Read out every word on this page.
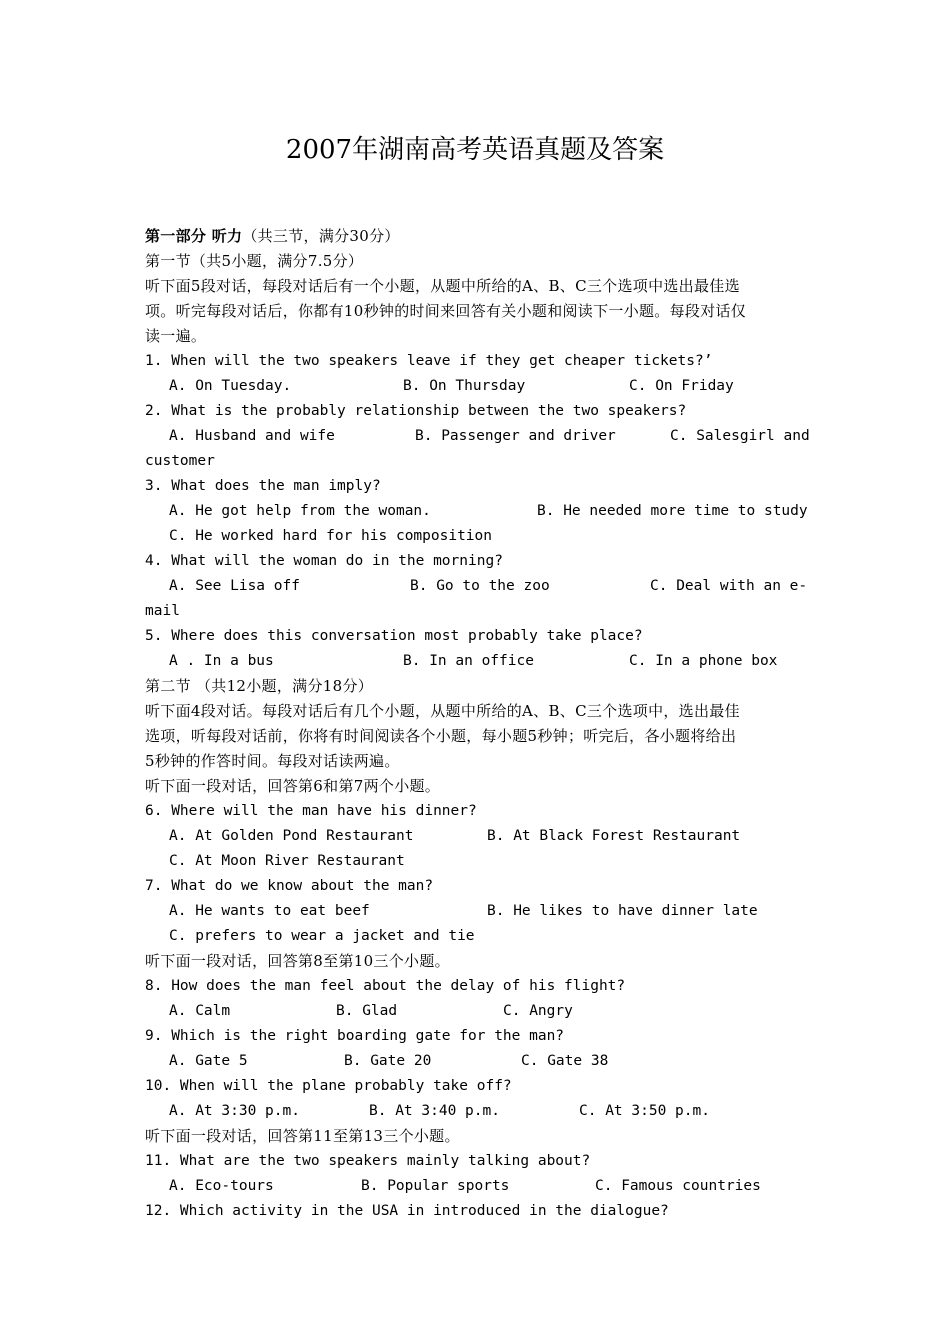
2007年湖南高考英语真题及答案
第一部分 听力（共三节，满分30分）
第一节（共5小题，满分7.5分）
听下面5段对话，每段对话后有一个小题，从题中所给的A、B、C三个选项中选出最佳选
项。听完每段对话后，你都有10秒钟的时间来回答有关小题和阅读下一小题。每段对话仅
读一遍。
1. When will the two speakers leave if they get cheaper tickets?’
A. On Tuesday.	B. On Thursday	C. On Friday
2. What is the probably relationship between the two speakers?
A. Husband and wife	B. Passenger and driver	C. Salesgirl and
customer
3. What does the man imply?
A. He got help from the woman.	B. He needed more time to study
C. He worked hard for his composition
4. What will the woman do in the morning?
A. See Lisa off	B. Go to the zoo	C. Deal with an e-
mail
5. Where does this conversation most probably take place?
A . In a bus	B. In an office	C. In a phone box
第二节 （共12小题，满分18分）
听下面4段对话。每段对话后有几个小题，从题中所给的A、B、C三个选项中，选出最佳
选项，听每段对话前，你将有时间阅读各个小题，每小题5秒钟；听完后，各小题将给出
5秒钟的作答时间。每段对话读两遍。
听下面一段对话，回答第6和第7两个小题。
6. Where will the man have his dinner?
A. At Golden Pond Restaurant	B. At Black Forest Restaurant
C. At Moon River Restaurant
7. What do we know about the man?
A. He wants to eat beef	B. He likes to have dinner late
C. prefers to wear a jacket and tie
听下面一段对话，回答第8至第10三个小题。
8. How does the man feel about the delay of his flight?
A. Calm	B. Glad	C. Angry
9. Which is the right boarding gate for the man?
A. Gate 5	B. Gate 20	C. Gate 38
10. When will the plane probably take off?
A. At 3:30 p.m.	B. At 3:40 p.m.	C. At 3:50 p.m.
听下面一段对话，回答第11至第13三个小题。
11. What are the two speakers mainly talking about?
A. Eco-tours	B. Popular sports	C. Famous countries
12. Which activity in the USA in introduced in the dialogue?
